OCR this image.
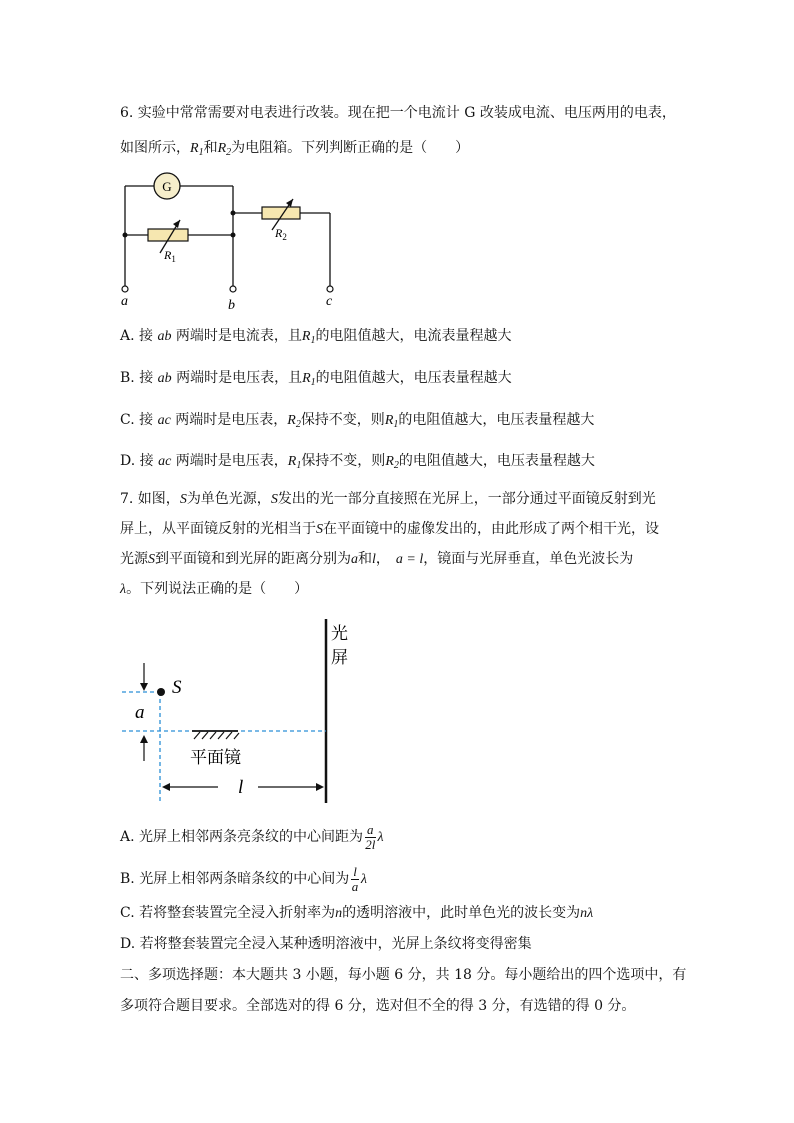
6. 实验中常常需要对电表进行改装。现在把一个电流计 G 改装成电流、电压两用的电表，
如图所示，$R_1$和$R_2$为电阻箱。下列判断正确的是（　　）
G
$R_1$
$R_2$
a	b	c
A. 接 ab 两端时是电流表，且$R_1$的电阻值越大，电流表量程越大
B. 接 ab 两端时是电压表，且$R_1$的电阻值越大，电压表量程越大
C. 接 ac 两端时是电压表，$R_2$保持不变，则$R_1$的电阻值越大，电压表量程越大
D. 接 ac 两端时是电压表，$R_1$保持不变，则$R_2$的电阻值越大，电压表量程越大
7. 如图，S为单色光源，S发出的光一部分直接照在光屏上，一部分通过平面镜反射到光
屏上，从平面镜反射的光相当于S在平面镜中的虚像发出的，由此形成了两个相干光，设
光源S到平面镜和到光屏的距离分别为a和l， a = l，镜面与光屏垂直，单色光波长为
λ。下列说法正确的是（　　）
光
屏
S
a
平面镜
l
A. 光屏上相邻两条亮条纹的中心间距为 $\frac{a}{2l}$ λ
B. 光屏上相邻两条暗条纹的中心间为 $\frac{l}{a}$ λ
C. 若将整套装置完全浸入折射率为n的透明溶液中，此时单色光的波长变为nλ
D. 若将整套装置完全浸入某种透明溶液中，光屏上条纹将变得密集
二、多项选择题：本大题共 3 小题，每小题 6 分，共 18 分。每小题给出的四个选项中，有
多项符合题目要求。全部选对的得 6 分，选对但不全的得 3 分，有选错的得 0 分。
